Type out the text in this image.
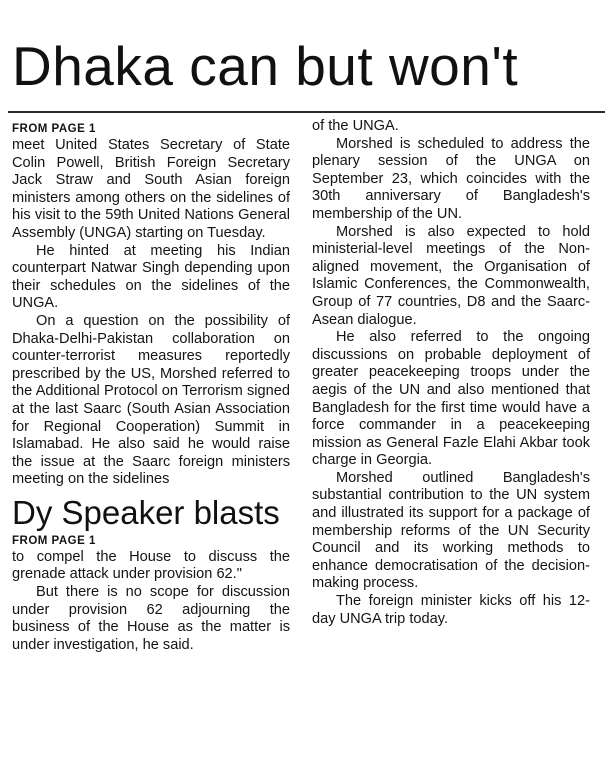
Dhaka can but won't
FROM PAGE 1

meet United States Secretary of State Colin Powell, British Foreign Secretary Jack Straw and South Asian foreign ministers among others on the sidelines of his visit to the 59th United Nations General Assembly (UNGA) starting on Tuesday.

He hinted at meeting his Indian counterpart Natwar Singh depending upon their schedules on the sidelines of the UNGA.

On a question on the possibility of Dhaka-Delhi-Pakistan collaboration on counter-terrorist measures reportedly prescribed by the US, Morshed referred to the Additional Protocol on Terrorism signed at the last Saarc (South Asian Association for Regional Cooperation) Summit in Islamabad. He also said he would raise the issue at the Saarc foreign ministers meeting on the sidelines

Dy Speaker blasts
FROM PAGE 1

to compel the House to discuss the grenade attack under provision 62."

But there is no scope for discussion under provision 62 adjourning the business of the House as the matter is under investigation, he said.

of the UNGA.

Morshed is scheduled to address the plenary session of the UNGA on September 23, which coincides with the 30th anniversary of Bangladesh's membership of the UN.

Morshed is also expected to hold ministerial-level meetings of the Non-aligned movement, the Organisation of Islamic Conferences, the Commonwealth, Group of 77 countries, D8 and the Saarc-Asean dialogue.

He also referred to the ongoing discussions on probable deployment of greater peacekeeping troops under the aegis of the UN and also mentioned that Bangladesh for the first time would have a force commander in a peacekeeping mission as General Fazle Elahi Akbar took charge in Georgia.

Morshed outlined Bangladesh's substantial contribution to the UN system and illustrated its support for a package of membership reforms of the UN Security Council and its working methods to enhance democratisation of the decision-making process.

The foreign minister kicks off his 12-day UNGA trip today.
